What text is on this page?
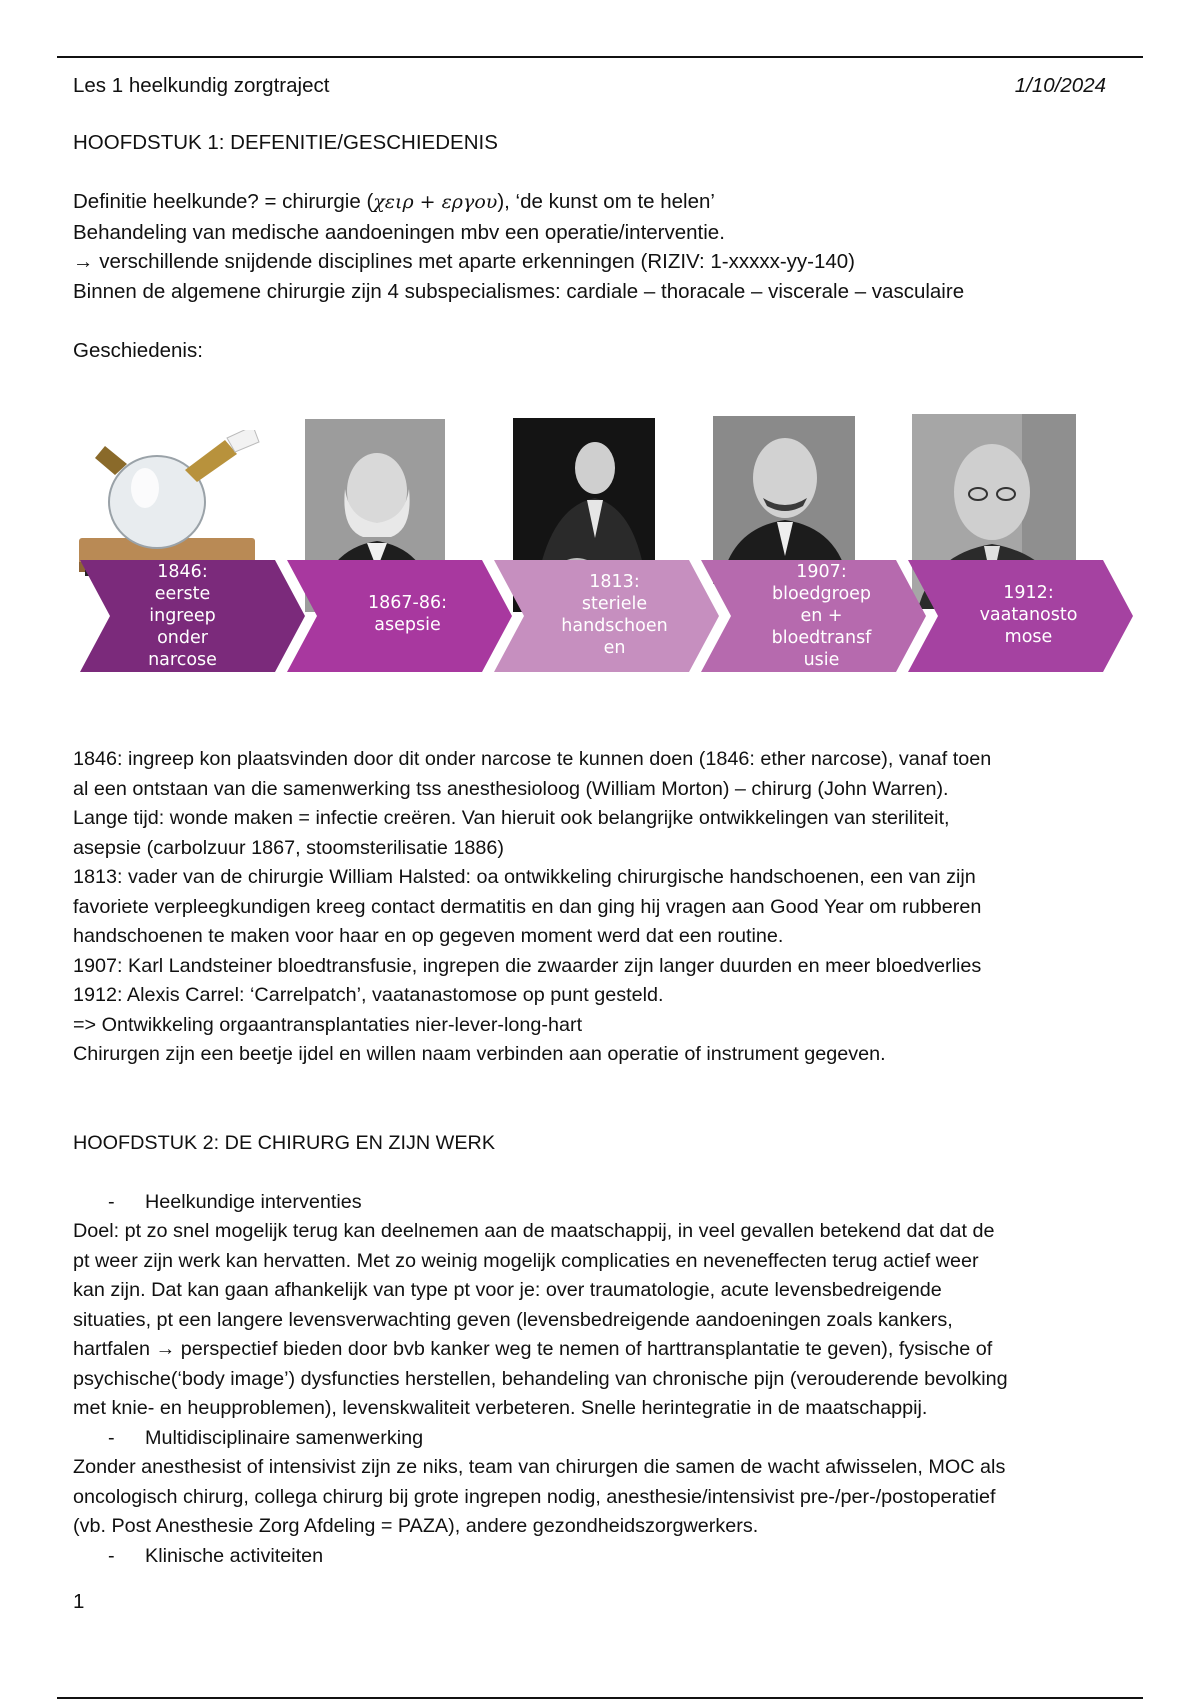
Les 1 heelkundig zorgtraject	1/10/2024
HOOFDSTUK 1: DEFENITIE/GESCHIEDENIS
Definitie heelkunde? = chirurgie (χειρ + εργου), ‘de kunst om te helen’
Behandeling van medische aandoeningen mbv een operatie/interventie.
→ verschillende snijdende disciplines met aparte erkenningen (RIZIV: 1-xxxxx-yy-140)
Binnen de algemene chirurgie zijn 4 subspecialismes: cardiale – thoracale – viscerale – vasculaire
Geschiedenis:
1846:
eerste
ingreep
onder
narcose
1867-86:
asepsie
1813:
steriele
handschoen
en
1907:
bloedgroep
en +
bloedtransf
usie
1912:
vaatanosto
mose
1846: ingreep kon plaatsvinden door dit onder narcose te kunnen doen (1846: ether narcose), vanaf toen
al een ontstaan van die samenwerking tss anesthesioloog (William Morton) – chirurg (John Warren).
Lange tijd: wonde maken = infectie creëren. Van hieruit ook belangrijke ontwikkelingen van steriliteit,
asepsie (carbolzuur 1867, stoomsterilisatie 1886)
1813: vader van de chirurgie William Halsted: oa ontwikkeling chirurgische handschoenen, een van zijn
favoriete verpleegkundigen kreeg contact dermatitis en dan ging hij vragen aan Good Year om rubberen
handschoenen te maken voor haar en op gegeven moment werd dat een routine.
1907: Karl Landsteiner bloedtransfusie, ingrepen die zwaarder zijn langer duurden en meer bloedverlies
1912: Alexis Carrel: ‘Carrelpatch’, vaatanastomose op punt gesteld.
=> Ontwikkeling orgaantransplantaties nier-lever-long-hart
Chirurgen zijn een beetje ijdel en willen naam verbinden aan operatie of instrument gegeven.
HOOFDSTUK 2: DE CHIRURG EN ZIJN WERK
- Heelkundige interventies

Doel: pt zo snel mogelijk terug kan deelnemen aan de maatschappij, in veel gevallen betekend dat dat de
pt weer zijn werk kan hervatten. Met zo weinig mogelijk complicaties en neveneffecten terug actief weer
kan zijn. Dat kan gaan afhankelijk van type pt voor je: over traumatologie, acute levensbedreigende
situaties, pt een langere levensverwachting geven (levensbedreigende aandoeningen zoals kankers,
hartfalen → perspectief bieden door bvb kanker weg te nemen of harttransplantatie te geven), fysische of
psychische(‘body image’) dysfuncties herstellen, behandeling van chronische pijn (verouderende bevolking
met knie- en heupproblemen), levenskwaliteit verbeteren. Snelle herintegratie in de maatschappij.
- Multidisciplinaire samenwerking

Zonder anesthesist of intensivist zijn ze niks, team van chirurgen die samen de wacht afwisselen, MOC als
oncologisch chirurg, collega chirurg bij grote ingrepen nodig, anesthesie/intensivist pre-/per-/postoperatief
(vb. Post Anesthesie Zorg Afdeling = PAZA), andere gezondheidszorgwerkers.
- Klinische activiteiten

1
